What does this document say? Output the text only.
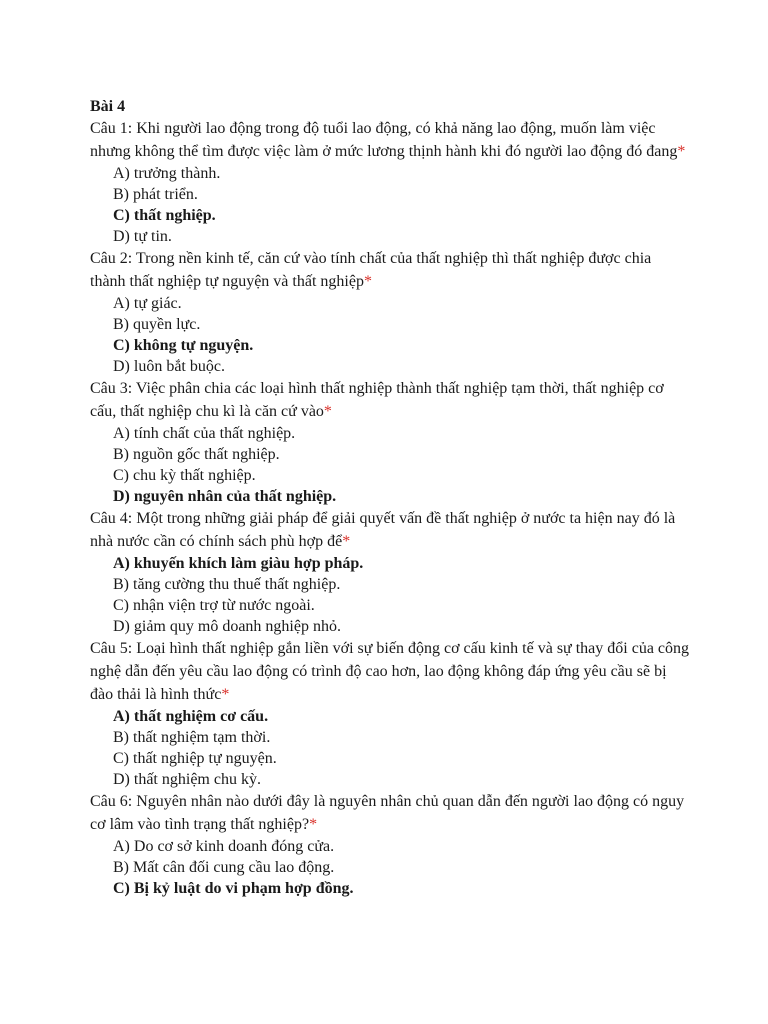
Bài 4
Câu 1: Khi người lao động trong độ tuổi lao động, có khả năng lao động, muốn làm việc nhưng không thể tìm được việc làm ở mức lương thịnh hành khi đó người lao động đó đang*
A) trưởng thành.
B) phát triển.
C) thất nghiệp.
D) tự tin.
Câu 2: Trong nền kinh tế, căn cứ vào tính chất của thất nghiệp thì thất nghiệp được chia thành thất nghiệp tự nguyện và thất nghiệp*
A) tự giác.
B) quyền lực.
C) không tự nguyện.
D) luôn bắt buộc.
Câu 3: Việc phân chia các loại hình thất nghiệp thành thất nghiệp tạm thời, thất nghiệp cơ cấu, thất nghiệp chu kì là căn cứ vào*
A) tính chất của thất nghiệp.
B) nguồn gốc thất nghiệp.
C) chu kỳ thất nghiệp.
D) nguyên nhân của thất nghiệp.
Câu 4: Một trong những giải pháp để giải quyết vấn đề thất nghiệp ở nước ta hiện nay đó là nhà nước cần có chính sách phù hợp để*
A) khuyến khích làm giàu hợp pháp.
B) tăng cường thu thuế thất nghiệp.
C) nhận viện trợ từ nước ngoài.
D) giảm quy mô doanh nghiệp nhỏ.
Câu 5: Loại hình thất nghiệp gắn liền với sự biến động cơ cấu kinh tế và sự thay đổi của công nghệ dẫn đến yêu cầu lao động có trình độ cao hơn, lao động không đáp ứng yêu cầu sẽ bị đào thải là hình thức*
A) thất nghiệm cơ cấu.
B) thất nghiệm tạm thời.
C) thất nghiệp tự nguyện.
D) thất nghiệm chu kỳ.
Câu 6: Nguyên nhân nào dưới đây là nguyên nhân chủ quan dẫn đến người lao động có nguy cơ lâm vào tình trạng thất nghiệp?*
A) Do cơ sở kinh doanh đóng cửa.
B) Mất cân đối cung cầu lao động.
C) Bị kỷ luật do vi phạm hợp đồng.
